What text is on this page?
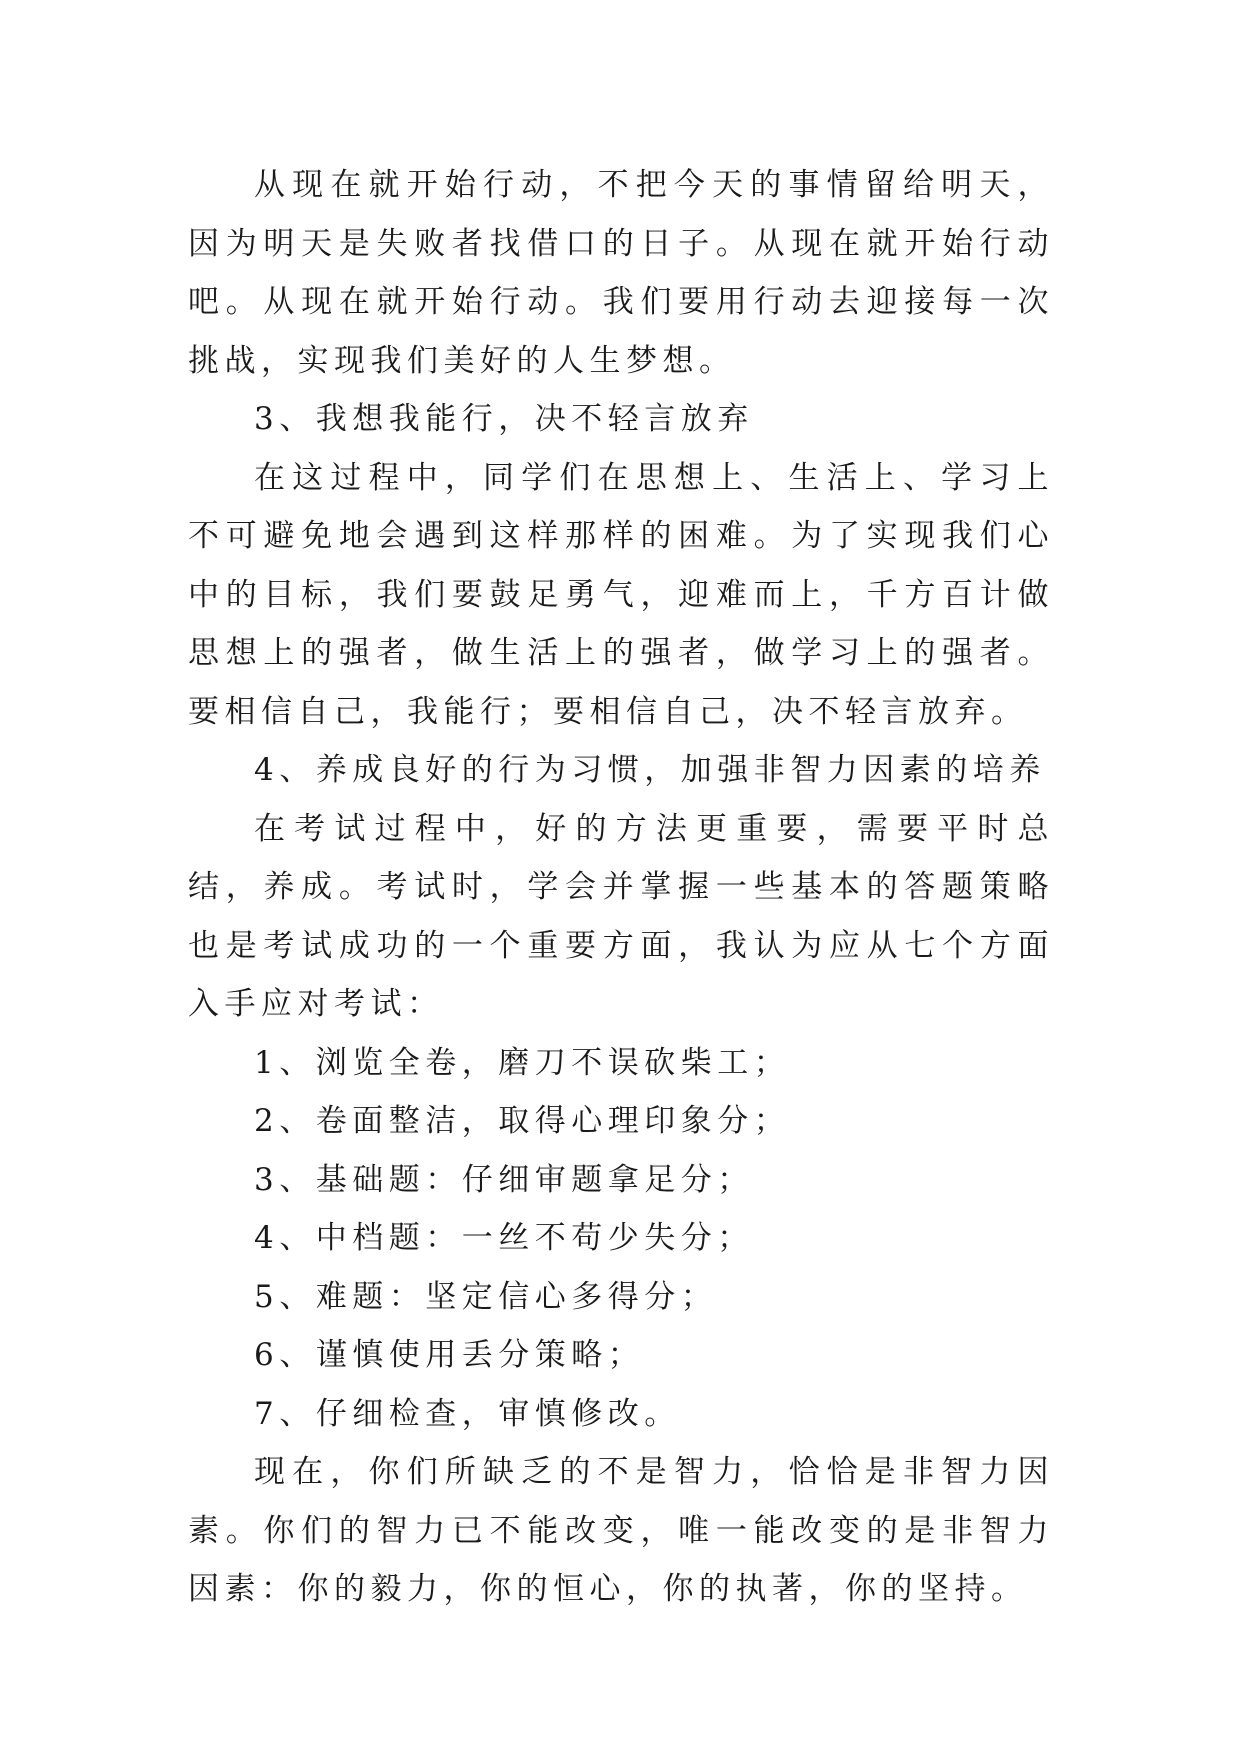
从现在就开始行动，不把今天的事情留给明天，因为明天是失败者找借口的日子。从现在就开始行动吧。从现在就开始行动。我们要用行动去迎接每一次挑战，实现我们美好的人生梦想。

3、我想我能行，决不轻言放弃

在这过程中，同学们在思想上、生活上、学习上不可避免地会遇到这样那样的困难。为了实现我们心中的目标，我们要鼓足勇气，迎难而上，千方百计做思想上的强者，做生活上的强者，做学习上的强者。要相信自己，我能行；要相信自己，决不轻言放弃。

4、养成良好的行为习惯，加强非智力因素的培养

在考试过程中，好的方法更重要，需要平时总结，养成。考试时，学会并掌握一些基本的答题策略也是考试成功的一个重要方面，我认为应从七个方面入手应对考试：

1、浏览全卷，磨刀不误砍柴工；

2、卷面整洁，取得心理印象分；

3、基础题：仔细审题拿足分；

4、中档题：一丝不苟少失分；

5、难题：坚定信心多得分；

6、谨慎使用丢分策略；

7、仔细检查，审慎修改。

现在，你们所缺乏的不是智力，恰恰是非智力因素。你们的智力已不能改变，唯一能改变的是非智力因素：你的毅力，你的恒心，你的执著，你的坚持。
